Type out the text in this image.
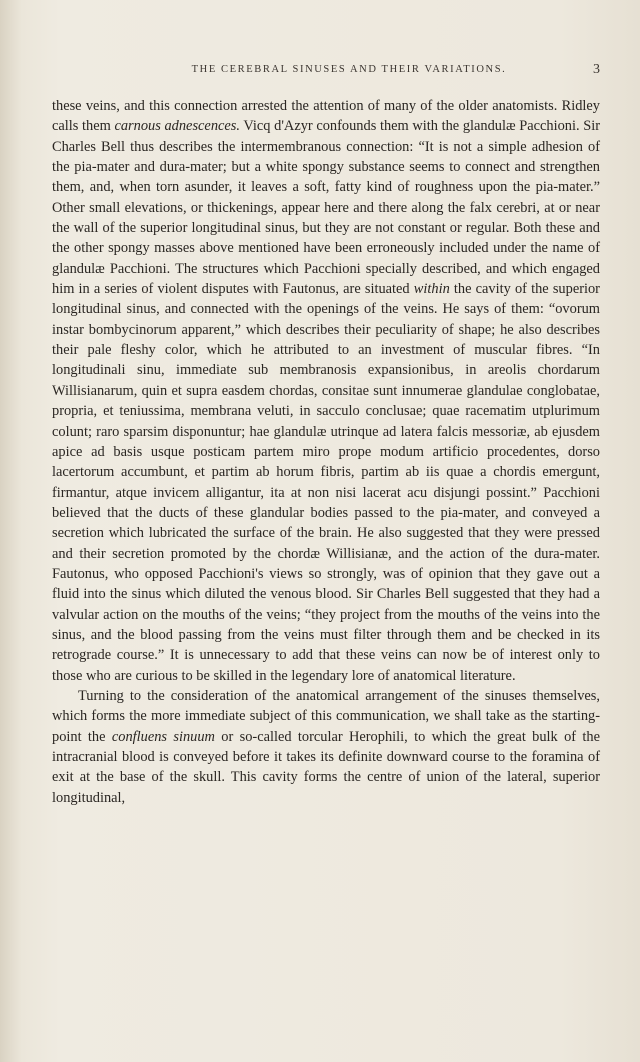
THE CEREBRAL SINUSES AND THEIR VARIATIONS.	3

these veins, and this connection arrested the attention of many of the older anatomists. Ridley calls them carnous adnescences. Vicq d'Azyr confounds them with the glandulæ Pacchioni. Sir Charles Bell thus describes the intermembranous connection: “It is not a simple adhesion of the pia-mater and dura-mater; but a white spongy substance seems to connect and strengthen them, and, when torn asunder, it leaves a soft, fatty kind of roughness upon the pia-mater.” Other small elevations, or thickenings, appear here and there along the falx cerebri, at or near the wall of the superior longitudinal sinus, but they are not constant or regular. Both these and the other spongy masses above mentioned have been erroneously included under the name of glandulæ Pacchioni. The structures which Pacchioni specially described, and which engaged him in a series of violent disputes with Fautonus, are situated within the cavity of the superior longitudinal sinus, and connected with the openings of the veins. He says of them: “ovorum instar bombycinorum apparent,” which describes their peculiarity of shape; he also describes their pale fleshy color, which he attributed to an investment of muscular fibres. “In longitudinali sinu, immediate sub membranosis expansionibus, in areolis chordarum Willisianarum, quin et supra easdem chordas, consitae sunt innumerae glandulae conglobatae, propria, et teniussima, membrana veluti, in sacculo conclusae; quae racematim utplurimum colunt; raro sparsim disponuntur; hae glandulæ utrinque ad latera falcis messoriæ, ab ejusdem apice ad basis usque posticam partem miro prope modum artificio procedentes, dorso lacertorum accumbunt, et partim ab horum fibris, partim ab iis quae a chordis emergunt, firmantur, atque invicem alligantur, ita at non nisi lacerat acu disjungi possint.” Pacchioni believed that the ducts of these glandular bodies passed to the pia-mater, and conveyed a secretion which lubricated the surface of the brain. He also suggested that they were pressed and their secretion promoted by the chordæ Willisianæ, and the action of the dura-mater. Fautonus, who opposed Pacchioni's views so strongly, was of opinion that they gave out a fluid into the sinus which diluted the venous blood. Sir Charles Bell suggested that they had a valvular action on the mouths of the veins; “they project from the mouths of the veins into the sinus, and the blood passing from the veins must filter through them and be checked in its retrograde course.” It is unnecessary to add that these veins can now be of interest only to those who are curious to be skilled in the legendary lore of anatomical literature.

Turning to the consideration of the anatomical arrangement of the sinuses themselves, which forms the more immediate subject of this communication, we shall take as the starting-point the confluens sinuum or so-called torcular Herophili, to which the great bulk of the intracranial blood is conveyed before it takes its definite downward course to the foramina of exit at the base of the skull. This cavity forms the centre of union of the lateral, superior longitudinal,
